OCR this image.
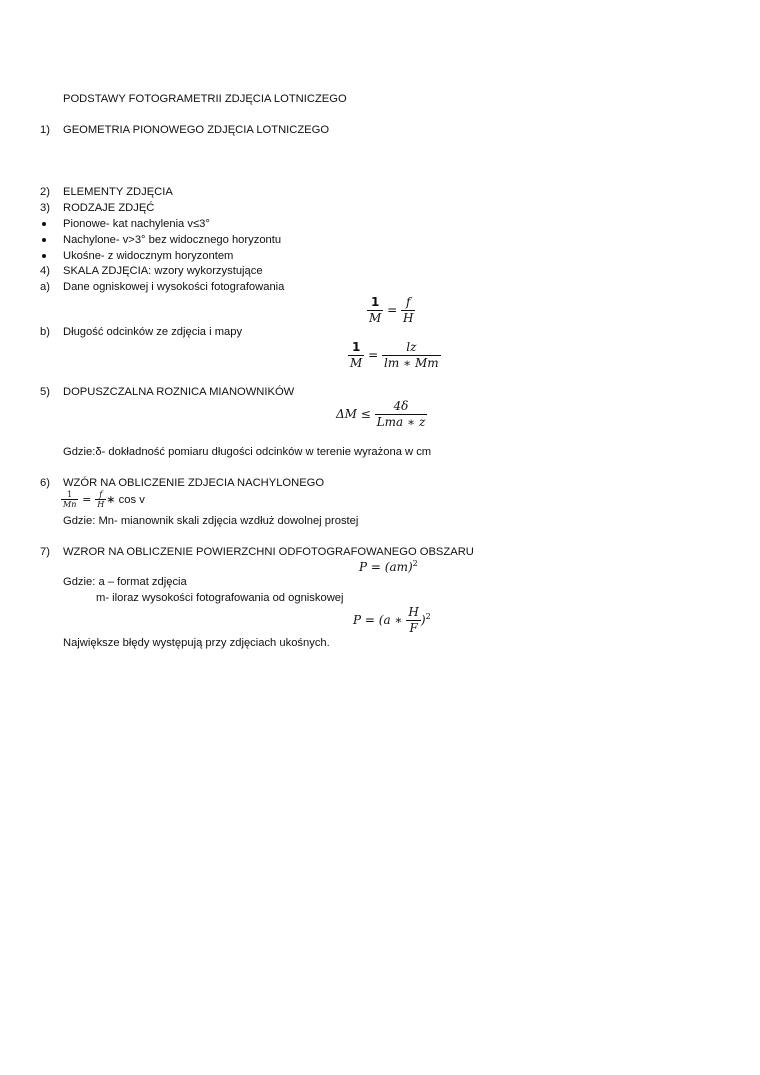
PODSTAWY FOTOGRAMETRII ZDJĘCIA LOTNICZEGO
1) GEOMETRIA PIONOWEGO ZDJĘCIA LOTNICZEGO
2) ELEMENTY ZDJĘCIA
3) RODZAJE ZDJĘĆ
Pionowe- kat nachylenia v≤3°
Nachylone- v>3° bez widocznego horyzontu
Ukośne- z widocznym horyzontem
4) SKALA ZDJĘCIA: wzory wykorzystujące
a) Dane ogniskowej i wysokości fotografowania
$\frac{1}{M} = \frac{f}{H}$
b) Długość odcinków ze zdjęcia i mapy
$\frac{1}{M} = \frac{lz}{lm ∗ Mm}$
5) DOPUSZCZALNA ROZNICA MIANOWNIKÓW
$\Delta M \le \frac{4\delta}{\text{Lma ∗ z}}$
Gdzie:δ- dokładność pomiaru długości odcinków w terenie wyrażona w cm
6) WZÓR NA OBLICZENIE ZDJECIA NACHYLONEGO
$\frac{1}{Mn} = \frac{f}{H}$ ∗ cos v
Gdzie: Mn- mianownik skali zdjęcia wzdłuż dowolnej prostej
7) WZROR NA OBLICZENIE POWIERZCHNI ODFOTOGRAFOWANEGO OBSZARU
P = (am)$^2$
Gdzie: a – format zdjęcia
m- iloraz wysokości fotografowania od ogniskowej
P = (a ∗ $\frac{H}{F} )^2$
Największe błędy występują przy zdjęciach ukośnych.
